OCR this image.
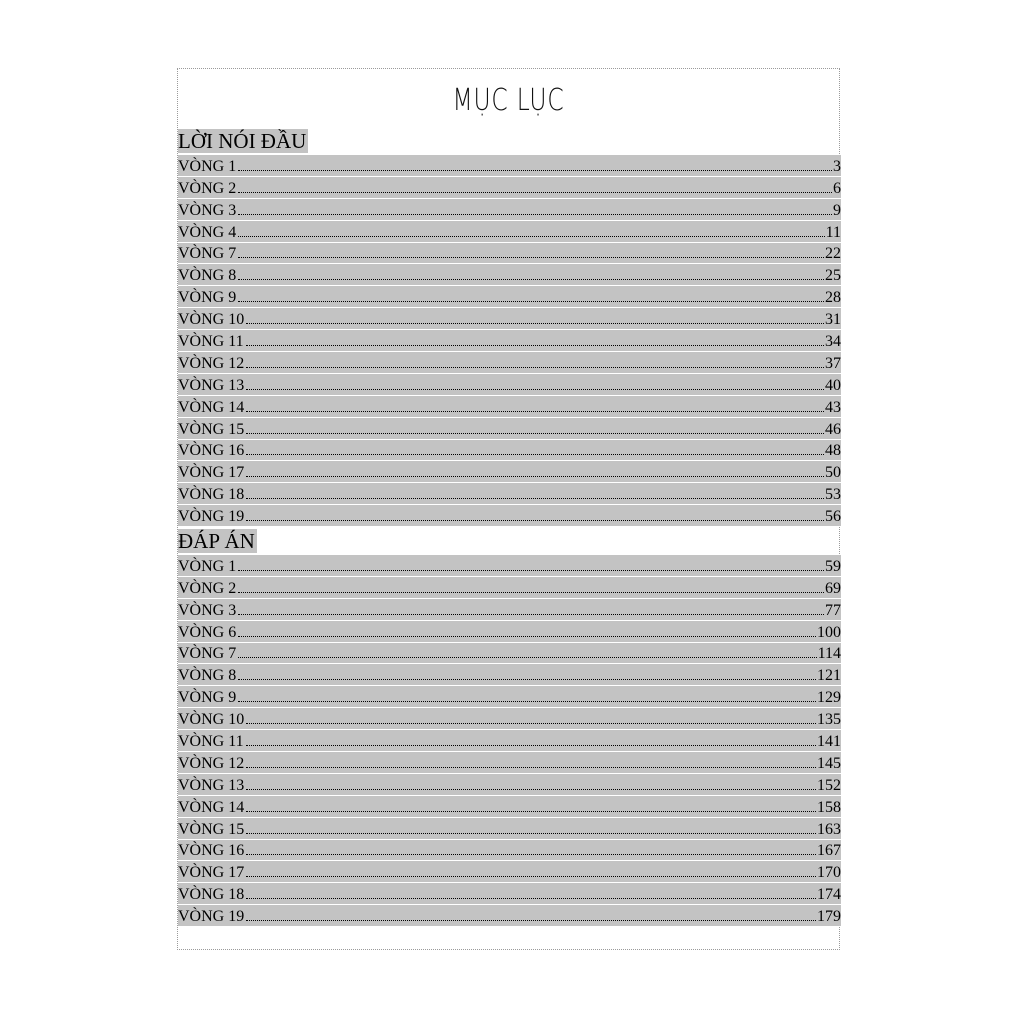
MỤC LỤC
LỜI NÓI ĐẦU
VÒNG 1	3
VÒNG 2	6
VÒNG 3	9
VÒNG 4	11
VÒNG 7	22
VÒNG 8	25
VÒNG 9	28
VÒNG 10	31
VÒNG 11	34
VÒNG 12	37
VÒNG 13	40
VÒNG 14	43
VÒNG 15	46
VÒNG 16	48
VÒNG 17	50
VÒNG 18	53
VÒNG 19	56
ĐÁP ÁN
VÒNG 1	59
VÒNG 2	69
VÒNG 3	77
VÒNG 6	100
VÒNG 7	114
VÒNG 8	121
VÒNG 9	129
VÒNG 10	135
VÒNG 11	141
VÒNG 12	145
VÒNG 13	152
VÒNG 14	158
VÒNG 15	163
VÒNG 16	167
VÒNG 17	170
VÒNG 18	174
VÒNG 19	179
